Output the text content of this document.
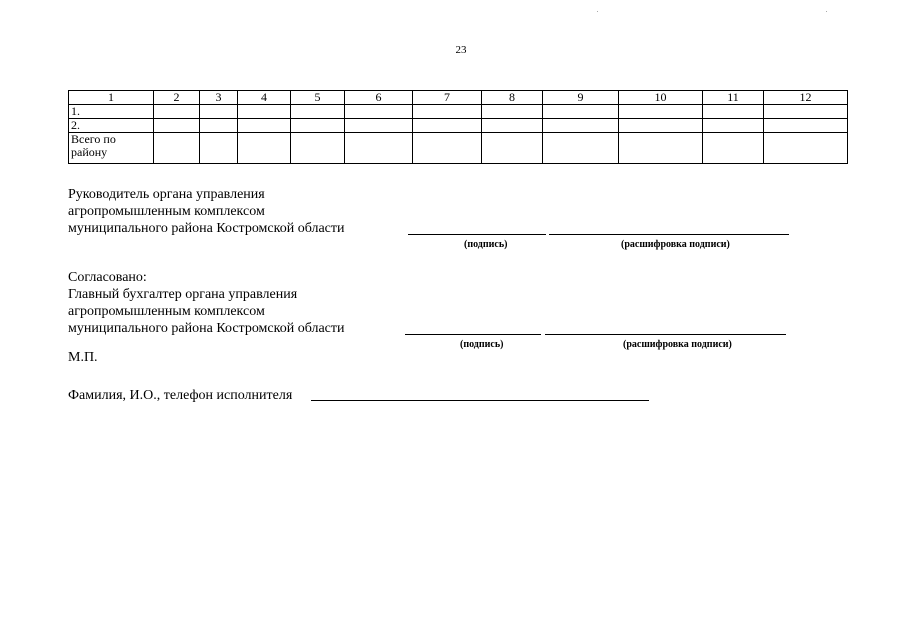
23
1	2	3	4	5	6	7	8	9	10	11	12
1.											
2.											

Всего по району											

Руководитель органа управления
агропромышленным комплексом
муниципального района Костромской области
(подпись)	(расшифровка подписи)
Согласовано:
Главный бухгалтер органа управления
агропромышленным комплексом
муниципального района Костромской области
(подпись)	(расшифровка подписи)
М.П.
Фамилия, И.О., телефон исполнителя
